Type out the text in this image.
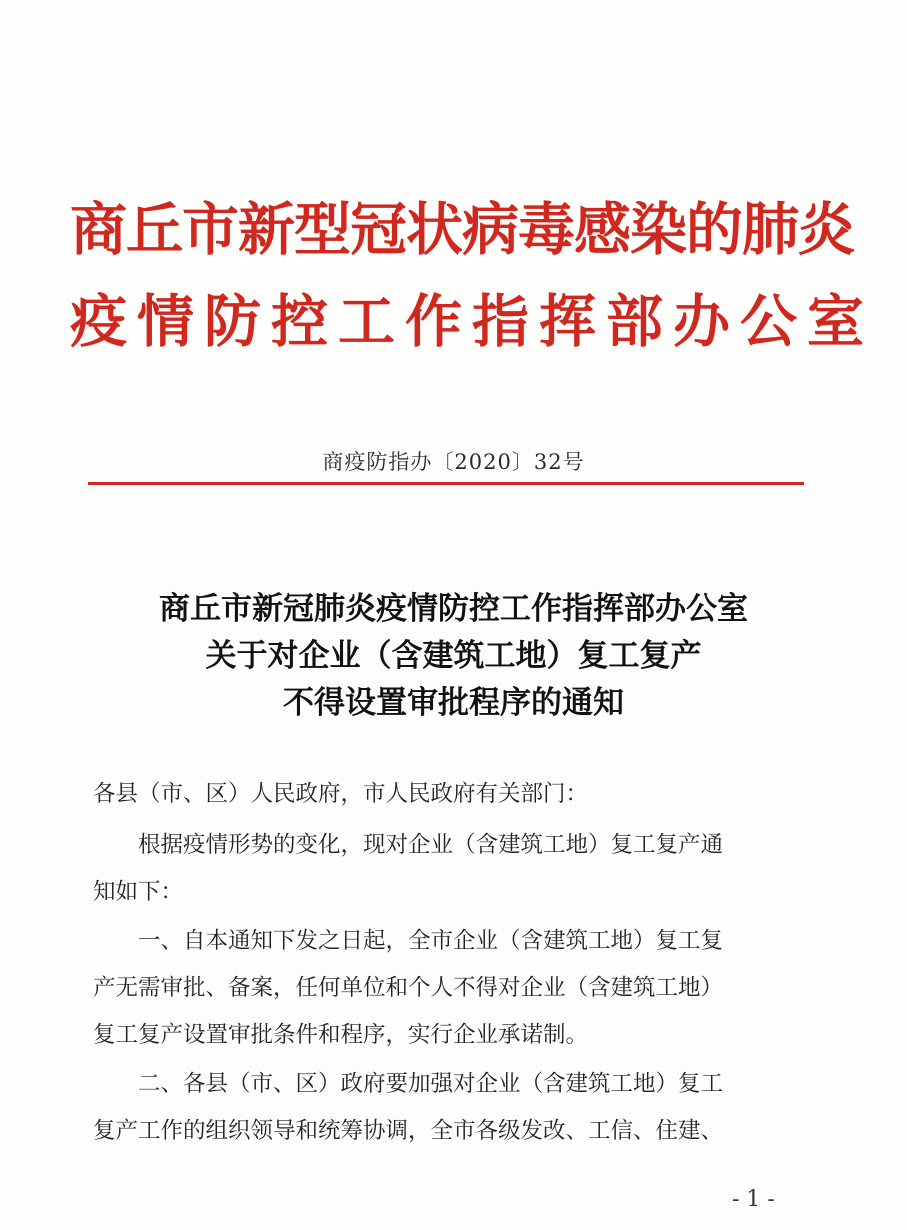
商丘市新型冠状病毒感染的肺炎
疫情防控工作指挥部办公室
商疫防指办〔2020〕32号
商丘市新冠肺炎疫情防控工作指挥部办公室
关于对企业（含建筑工地）复工复产
不得设置审批程序的通知
各县（市、区）人民政府，市人民政府有关部门：
　　根据疫情形势的变化，现对企业（含建筑工地）复工复产通
知如下：
　　一、自本通知下发之日起，全市企业（含建筑工地）复工复
产无需审批、备案，任何单位和个人不得对企业（含建筑工地）
复工复产设置审批条件和程序，实行企业承诺制。
　　二、各县（市、区）政府要加强对企业（含建筑工地）复工
复产工作的组织领导和统筹协调，全市各级发改、工信、住建、
- 1 -
